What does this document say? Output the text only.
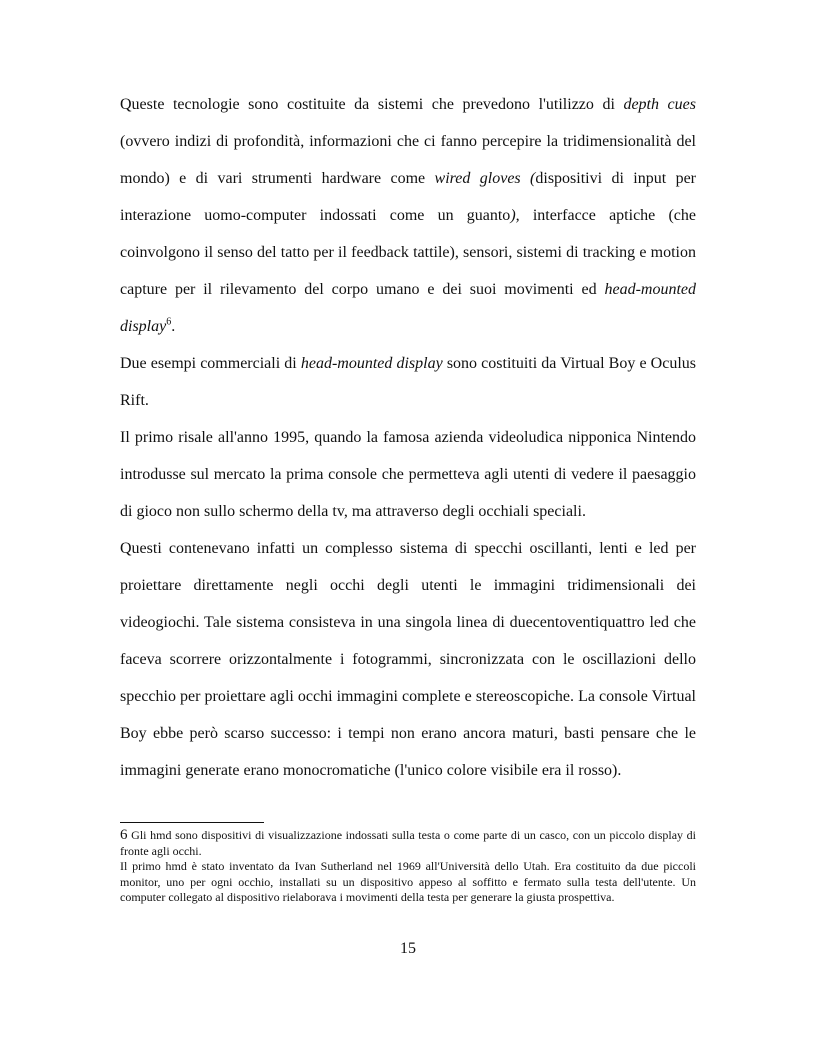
Queste tecnologie sono costituite da sistemi che prevedono l'utilizzo di depth cues (ovvero indizi di profondità, informazioni che ci fanno percepire la tridimensionalità del mondo) e di vari strumenti hardware come wired gloves (dispositivi di input per interazione uomo-computer indossati come un guanto), interfacce aptiche (che coinvolgono il senso del tatto per il feedback tattile), sensori, sistemi di tracking e motion capture per il rilevamento del corpo umano e dei suoi movimenti ed head-mounted display$^6$.

Due esempi commerciali di head-mounted display sono costituiti da Virtual Boy e Oculus Rift.

Il primo risale all'anno 1995, quando la famosa azienda videoludica nipponica Nintendo introdusse sul mercato la prima console che permetteva agli utenti di vedere il paesaggio di gioco non sullo schermo della tv, ma attraverso degli occhiali speciali.

Questi contenevano infatti un complesso sistema di specchi oscillanti, lenti e led per proiettare direttamente negli occhi degli utenti le immagini tridimensionali dei videogiochi. Tale sistema consisteva in una singola linea di duecentoventiquattro led che faceva scorrere orizzontalmente i fotogrammi, sincronizzata con le oscillazioni dello specchio per proiettare agli occhi immagini complete e stereoscopiche. La console Virtual Boy ebbe però scarso successo: i tempi non erano ancora maturi, basti pensare che le immagini generate erano monocromatiche (l'unico colore visibile era il rosso).

6 Gli hmd sono dispositivi di visualizzazione indossati sulla testa o come parte di un casco, con un piccolo display di fronte agli occhi.

Il primo hmd è stato inventato da Ivan Sutherland nel 1969 all'Università dello Utah. Era costituito da due piccoli monitor, uno per ogni occhio, installati su un dispositivo appeso al soffitto e fermato sulla testa dell'utente. Un computer collegato al dispositivo rielaborava i movimenti della testa per generare la giusta prospettiva.

15
